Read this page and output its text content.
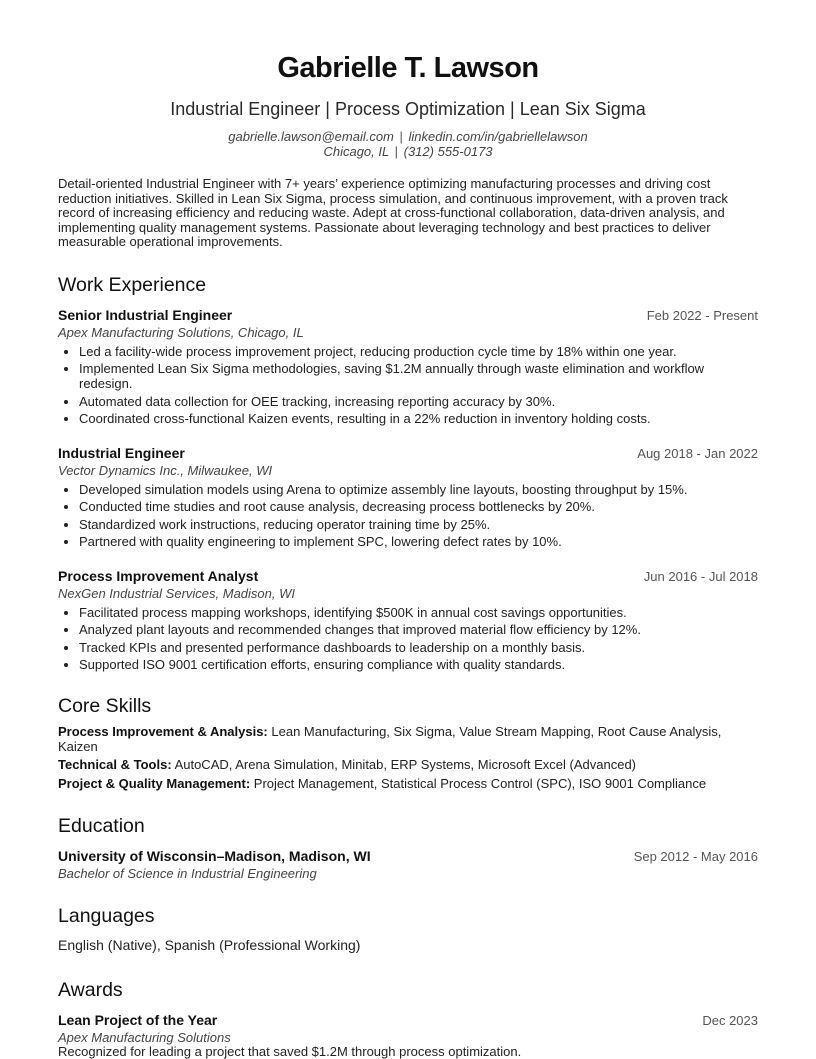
Gabrielle T. Lawson
Industrial Engineer | Process Optimization | Lean Six Sigma
gabrielle.lawson@email.com | linkedin.com/in/gabriellelawson
Chicago, IL | (312) 555-0173

Detail-oriented Industrial Engineer with 7+ years’ experience optimizing manufacturing processes and driving cost reduction initiatives. Skilled in Lean Six Sigma, process simulation, and continuous improvement, with a proven track record of increasing efficiency and reducing waste. Adept at cross-functional collaboration, data-driven analysis, and implementing quality management systems. Passionate about leveraging technology and best practices to deliver measurable operational improvements.

Work Experience
Senior Industrial Engineer	Feb 2022 - Present
Apex Manufacturing Solutions, Chicago, IL
• Led a facility-wide process improvement project, reducing production cycle time by 18% within one year.
• Implemented Lean Six Sigma methodologies, saving $1.2M annually through waste elimination and workflow redesign.
• Automated data collection for OEE tracking, increasing reporting accuracy by 30%.
• Coordinated cross-functional Kaizen events, resulting in a 22% reduction in inventory holding costs.
Industrial Engineer	Aug 2018 - Jan 2022
Vector Dynamics Inc., Milwaukee, WI
• Developed simulation models using Arena to optimize assembly line layouts, boosting throughput by 15%.
• Conducted time studies and root cause analysis, decreasing process bottlenecks by 20%.
• Standardized work instructions, reducing operator training time by 25%.
• Partnered with quality engineering to implement SPC, lowering defect rates by 10%.
Process Improvement Analyst	Jun 2016 - Jul 2018
NexGen Industrial Services, Madison, WI
• Facilitated process mapping workshops, identifying $500K in annual cost savings opportunities.
• Analyzed plant layouts and recommended changes that improved material flow efficiency by 12%.
• Tracked KPIs and presented performance dashboards to leadership on a monthly basis.
• Supported ISO 9001 certification efforts, ensuring compliance with quality standards.
Core Skills
Process Improvement & Analysis: Lean Manufacturing, Six Sigma, Value Stream Mapping, Root Cause Analysis, Kaizen
Technical & Tools: AutoCAD, Arena Simulation, Minitab, ERP Systems, Microsoft Excel (Advanced)
Project & Quality Management: Project Management, Statistical Process Control (SPC), ISO 9001 Compliance
Education
University of Wisconsin–Madison, Madison, WI	Sep 2012 - May 2016
Bachelor of Science in Industrial Engineering
Languages
English (Native), Spanish (Professional Working)
Awards
Lean Project of the Year	Dec 2023
Apex Manufacturing Solutions
Recognized for leading a project that saved $1.2M through process optimization.
